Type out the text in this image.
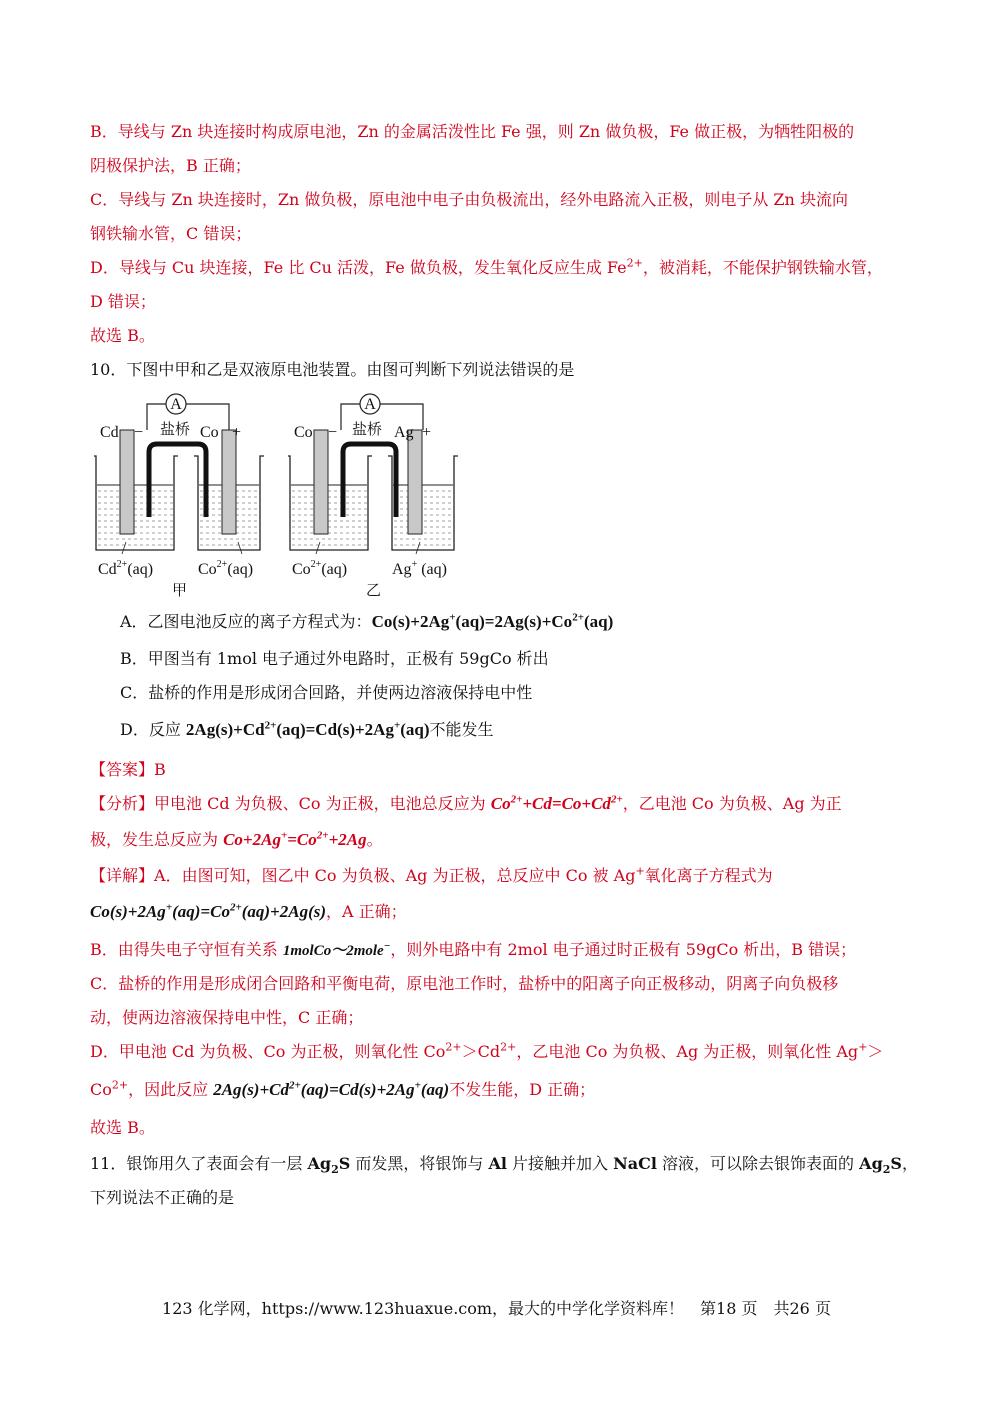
B．导线与 Zn 块连接时构成原电池，Zn 的金属活泼性比 Fe 强，则 Zn 做负极，Fe 做正极，为牺牲阳极的
阴极保护法，B 正确；
C．导线与 Zn 块连接时，Zn 做负极，原电池中电子由负极流出，经外电路流入正极，则电子从 Zn 块流向
钢铁输水管，C 错误；
D．导线与 Cu 块连接，Fe 比 Cu 活泼，Fe 做负极，发生氧化反应生成 $Fe^{2+}$，被消耗，不能保护钢铁输水管，
D 错误；
故选 B。
10．下图中甲和乙是双液原电池装置。由图可判断下列说法错误的是
A
Cd − 盐桥 Co +
$Cd^{2+}(aq)$	$Co^{2+}(aq)$
甲
A
Co − 盐桥 Ag +
$Co^{2+}(aq)$	Ag+ (aq)
乙
A．乙图电池反应的离子方程式为：$Co(s)+2Ag^+(aq)=2Ag(s)+Co^{2+}(aq)$
B．甲图当有 1mol 电子通过外电路时，正极有 59gCo 析出
C．盐桥的作用是形成闭合回路，并使两边溶液保持电中性
D．反应 $2Ag(s)+Cd^{2+}(aq)=Cd(s)+2Ag^+(aq)$不能发生
【答案】B
【分析】甲电池 Cd 为负极、Co 为正极，电池总反应为 $Co^{2+}+Cd=Co+Cd^{2+}$，乙电池 Co 为负极、Ag 为正
极，发生总反应为 $Co+2Ag^+=Co^{2+}+2Ag$。
【详解】A．由图可知，图乙中 Co 为负极、Ag 为正极，总反应中 Co 被 Ag+氧化离子方程式为
$Co(s)+2Ag^+(aq)=Co^{2+}(aq)+2Ag(s)$，A 正确；
B．由得失电子守恒有关系 1molCo～2mole−，则外电路中有 2mol 电子通过时正极有 59gCo 析出，B 错误；
C．盐桥的作用是形成闭合回路和平衡电荷，原电池工作时，盐桥中的阳离子向正极移动，阴离子向负极移
动，使两边溶液保持电中性，C 正确；
D．甲电池 Cd 为负极、Co 为正极，则氧化性 $Co^{2+}>Cd^{2+}$，乙电池 Co 为负极、Ag 为正极，则氧化性 Ag+＞
$Co^{2+}$，因此反应 $2Ag(s)+Cd^{2+}(aq)=Cd(s)+2Ag^+(aq)$不发生能，D 正确；
故选 B。
11．银饰用久了表面会有一层 $Ag_2S$ 而发黑，将银饰与 Al 片接触并加入 NaCl 溶液，可以除去银饰表面的 $Ag_2S$，
下列说法不正确的是
123 化学网，https://www.123huaxue.com，最大的中学化学资料库！　第18 页　共26 页
